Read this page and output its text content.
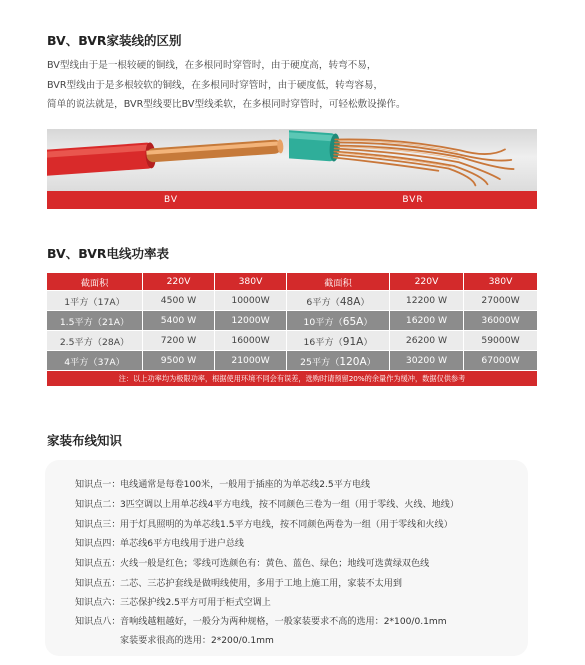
BV、BVR家装线的区别

BV型线由于是一根较硬的铜线，在多根同时穿管时，由于硬度高，转弯不易，

BVR型线由于是多根较软的铜线，在多根同时穿管时，由于硬度低，转弯容易，

简单的说法就是，BVR型线要比BV型线柔软，在多根同时穿管时，可轻松敷设操作。

BV	BVR
BV、BVR电线功率表
截面积	220V	380V	截面积	220V	380V
1平方（17A）	4500 W	10000W	6平方（48A）	12200 W	27000W
1.5平方（21A）	5400 W	12000W	10平方（65A）	16200 W	36000W
2.5平方（28A）	7200 W	16000W	16平方（91A）	26200 W	59000W
4平方（37A）	9500 W	21000W	25平方（120A）	30200 W	67000W
注：以上功率均为极限功率，根据使用环境不同会有误差，选购时请预留20%的余量作为缓冲，数据仅供参考					
家装布线知识
知识点一：电线通常是每卷100米，一般用于插座的为单芯线2.5平方电线
知识点二：3匹空调以上用单芯线4平方电线，按不同颜色三卷为一组（用于零线、火线、地线）
知识点三：用于灯具照明的为单芯线1.5平方电线，按不同颜色两卷为一组（用于零线和火线）
知识点四：单芯线6平方电线用于进户总线
知识点五：火线一般是红色；零线可选颜色有：黄色、蓝色、绿色；地线可选黄绿双色线
知识点五：二芯、三芯护套线是做明线使用，多用于工地上施工用，家装不太用到
知识点六：三芯保护线2.5平方可用于柜式空调上
知识点八：音响线越粗越好，一般分为两种规格，一般家装要求不高的选用：2*100/0.1mm
家装要求很高的选用：2*200/0.1mm
